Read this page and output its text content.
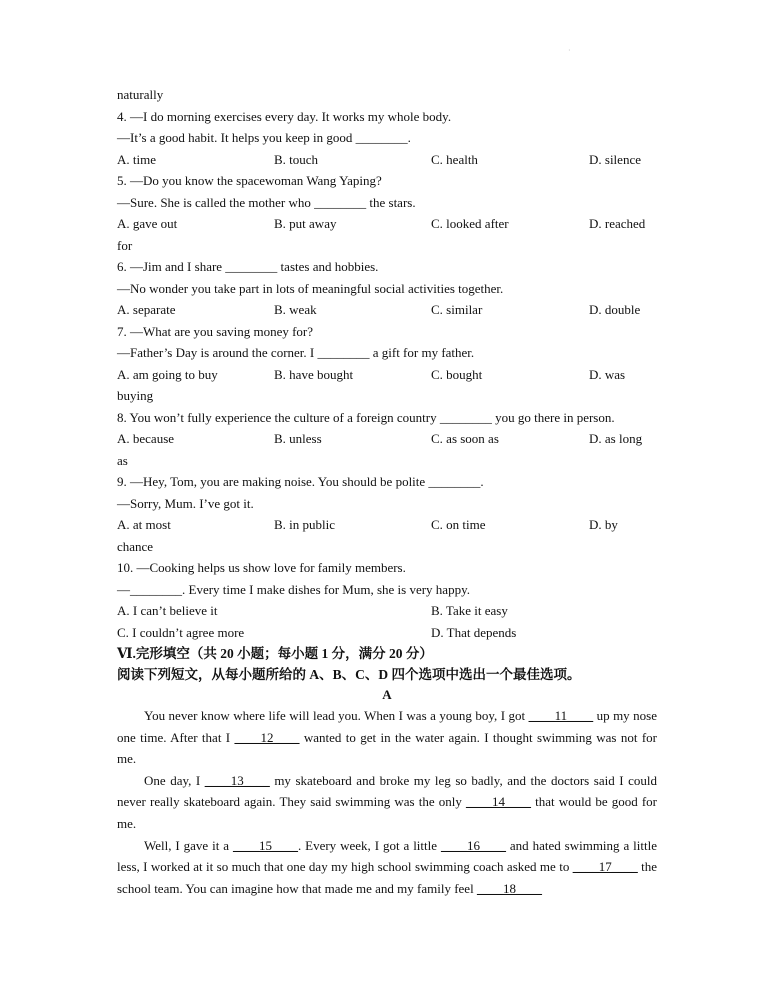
·
naturally
4. —I do morning exercises every day. It works my whole body.
—It’s a good habit. It helps you keep in good ________.
A. time	B. touch	C. health	D. silence
5. —Do you know the spacewoman Wang Yaping?
—Sure. She is called the mother who ________ the stars.
A. gave out	B. put away	C. looked after	D. reached
for
6. —Jim and I share ________ tastes and hobbies.
—No wonder you take part in lots of meaningful social activities together.
A. separate	B. weak	C. similar	D. double
7. —What are you saving money for?
—Father’s Day is around the corner. I ________ a gift for my father.
A. am going to buy	B. have bought	C. bought	D. was
buying
8. You won’t fully experience the culture of a foreign country ________ you go there in person.
A. because	B. unless	C. as soon as	D. as long
as
9. —Hey, Tom, you are making noise. You should be polite ________.
—Sorry, Mum. I’ve got it.
A. at most	B. in public	C. on time	D. by
chance
10. —Cooking helps us show love for family members.
—________. Every time I make dishes for Mum, she is very happy.
A. I can’t believe it	B. Take it easy
C. I couldn’t agree more	D. That depends
Ⅵ.完形填空（共 20 小题；每小题 1 分，满分 20 分）
阅读下列短文，从每小题所给的 A、B、C、D 四个选项中选出一个最佳选项。
A

You never know where life will lead you. When I was a young boy, I got ____11____ up my nose one time. After that I ____12____ wanted to get in the water again. I thought swimming was not for me.

One day, I ____13____ my skateboard and broke my leg so badly, and the doctors said I could never really skateboard again. They said swimming was the only ____14____ that would be good for me.

Well, I gave it a ____15____. Every week, I got a little ____16____ and hated swimming a little less, I worked at it so much that one day my high school swimming coach asked me to ____17____ the school team. You can imagine how that made me and my family feel ____18____
